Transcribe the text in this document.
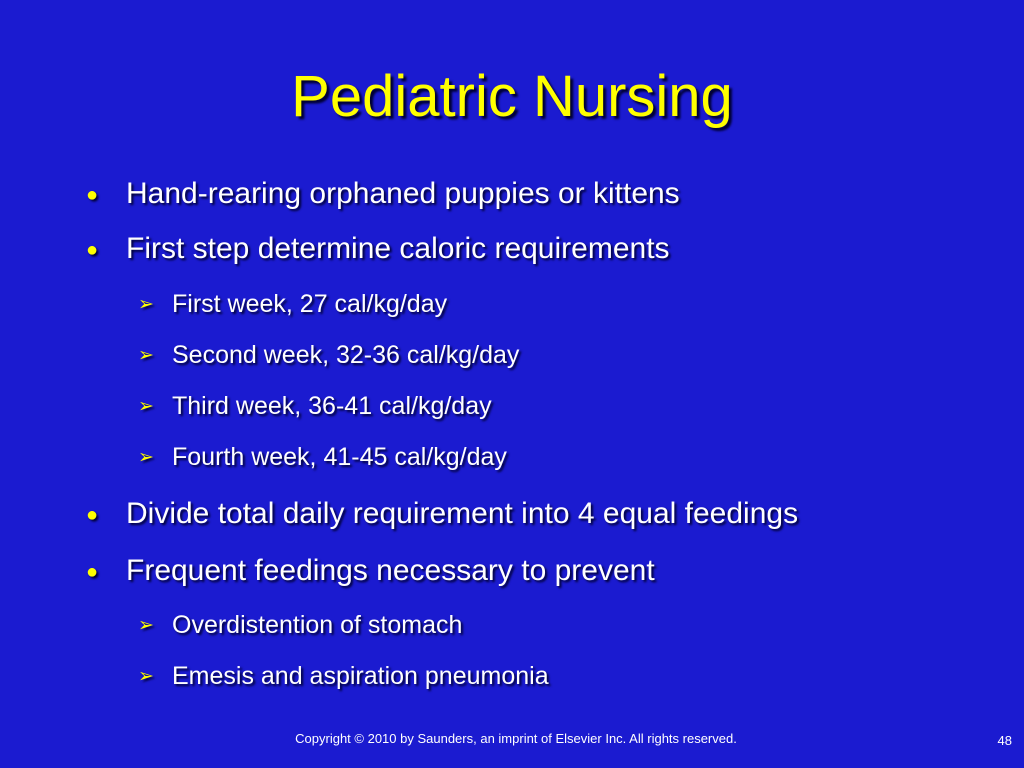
Pediatric Nursing
● Hand-rearing orphaned puppies or kittens
● First step determine caloric requirements
➢ First week, 27 cal/kg/day
➢ Second week, 32-36 cal/kg/day
➢ Third week, 36-41 cal/kg/day
➢ Fourth week, 41-45 cal/kg/day
● Divide total daily requirement into 4 equal feedings
● Frequent feedings necessary to prevent
➢ Overdistention of stomach
➢ Emesis and aspiration pneumonia
Copyright © 2010 by Saunders, an imprint of Elsevier Inc. All rights reserved.	48
